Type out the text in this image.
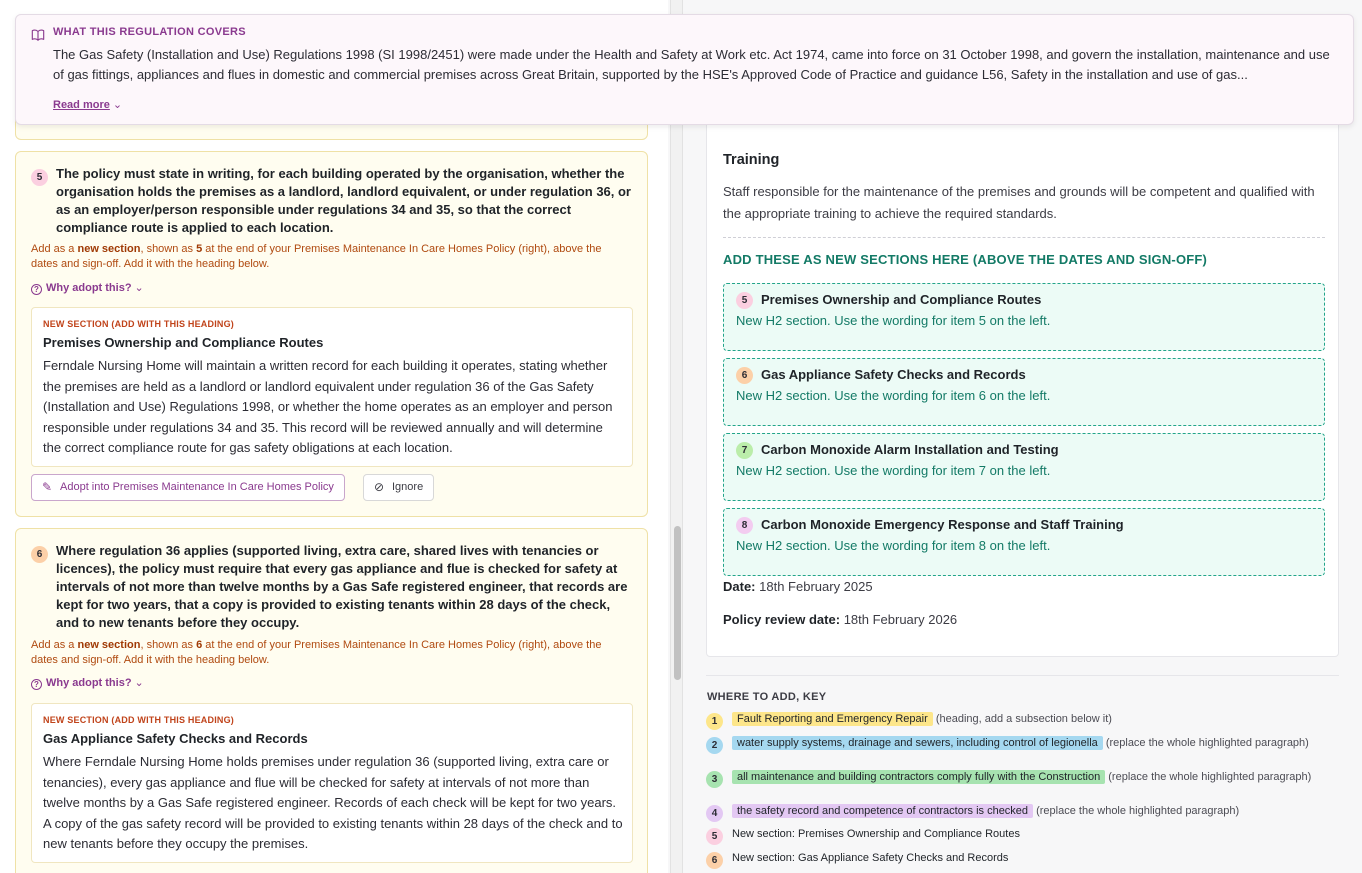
5	The policy must state in writing, for each building operated by the organisation, whether the organisation holds the premises as a landlord, landlord equivalent, or under regulation 36, or as an employer/person responsible under regulations 34 and 35, so that the correct compliance route is applied to each location.
Add as a new section, shown as 5 at the end of your Premises Maintenance In Care Homes Policy (right), above the dates and sign-off. Add it with the heading below.
? Why adopt this? ⌄
NEW SECTION (ADD WITH THIS HEADING)
Premises Ownership and Compliance Routes
Ferndale Nursing Home will maintain a written record for each building it operates, stating whether the premises are held as a landlord or landlord equivalent under regulation 36 of the Gas Safety (Installation and Use) Regulations 1998, or whether the home operates as an employer and person responsible under regulations 34 and 35. This record will be reviewed annually and will determine the correct compliance route for gas safety obligations at each location.
✎ Adopt into Premises Maintenance In Care Homes Policy	⊘ Ignore
6	Where regulation 36 applies (supported living, extra care, shared lives with tenancies or licences), the policy must require that every gas appliance and flue is checked for safety at intervals of not more than twelve months by a Gas Safe registered engineer, that records are kept for two years, that a copy is provided to existing tenants within 28 days of the check, and to new tenants before they occupy.
Add as a new section, shown as 6 at the end of your Premises Maintenance In Care Homes Policy (right), above the dates and sign-off. Add it with the heading below.
? Why adopt this? ⌄
NEW SECTION (ADD WITH THIS HEADING)
Gas Appliance Safety Checks and Records
Where Ferndale Nursing Home holds premises under regulation 36 (supported living, extra care or tenancies), every gas appliance and flue will be checked for safety at intervals of not more than twelve months by a Gas Safe registered engineer. Records of each check will be kept for two years. A copy of the gas safety record will be provided to existing tenants within 28 days of the check and to new tenants before they occupy the premises.
Training
Staff responsible for the maintenance of the premises and grounds will be competent and qualified with the appropriate training to achieve the required standards.
ADD THESE AS NEW SECTIONS HERE (ABOVE THE DATES AND SIGN-OFF)
5	Premises Ownership and Compliance Routes
New H2 section. Use the wording for item 5 on the left.
6	Gas Appliance Safety Checks and Records
New H2 section. Use the wording for item 6 on the left.
7	Carbon Monoxide Alarm Installation and Testing
New H2 section. Use the wording for item 7 on the left.
8	Carbon Monoxide Emergency Response and Staff Training
New H2 section. Use the wording for item 8 on the left.
Date: 18th February 2025
Policy review date: 18th February 2026
WHERE TO ADD, KEY
1	Fault Reporting and Emergency Repair (heading, add a subsection below it)
2	water supply systems, drainage and sewers, including control of legionella (replace the whole highlighted paragraph)
3	all maintenance and building contractors comply fully with the Construction (replace the whole highlighted paragraph)
4	the safety record and competence of contractors is checked (replace the whole highlighted paragraph)
5	New section: Premises Ownership and Compliance Routes
6	New section: Gas Appliance Safety Checks and Records
WHAT THIS REGULATION COVERS
The Gas Safety (Installation and Use) Regulations 1998 (SI 1998/2451) were made under the Health and Safety at Work etc. Act 1974, came into force on 31 October 1998, and govern the installation, maintenance and use of gas fittings, appliances and flues in domestic and commercial premises across Great Britain, supported by the HSE's Approved Code of Practice and guidance L56, Safety in the installation and use of gas...
Read more ⌄
